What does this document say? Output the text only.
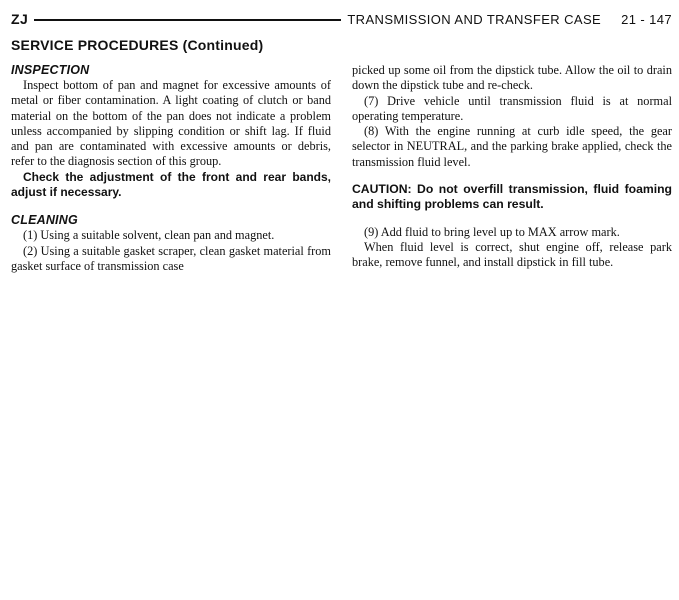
ZJ	TRANSMISSION AND TRANSFER CASE 21 - 147
SERVICE PROCEDURES (Continued)
INSPECTION

Inspect bottom of pan and magnet for excessive amounts of metal or fiber contamination. A light coating of clutch or band material on the bottom of the pan does not indicate a problem unless accompanied by slipping condition or shift lag. If fluid and pan are contaminated with excessive amounts or debris, refer to the diagnosis section of this group.

Check the adjustment of the front and rear bands, adjust if necessary.

CLEANING

(1) Using a suitable solvent, clean pan and magnet.

(2) Using a suitable gasket scraper, clean gasket material from gasket surface of transmission case

picked up some oil from the dipstick tube. Allow the oil to drain down the dipstick tube and re-check.

(7) Drive vehicle until transmission fluid is at normal operating temperature.

(8) With the engine running at curb idle speed, the gear selector in NEUTRAL, and the parking brake applied, check the transmission fluid level.

CAUTION: Do not overfill transmission, fluid foaming and shifting problems can result.

(9) Add fluid to bring level up to MAX arrow mark.

When fluid level is correct, shut engine off, release park brake, remove funnel, and install dipstick in fill tube.
